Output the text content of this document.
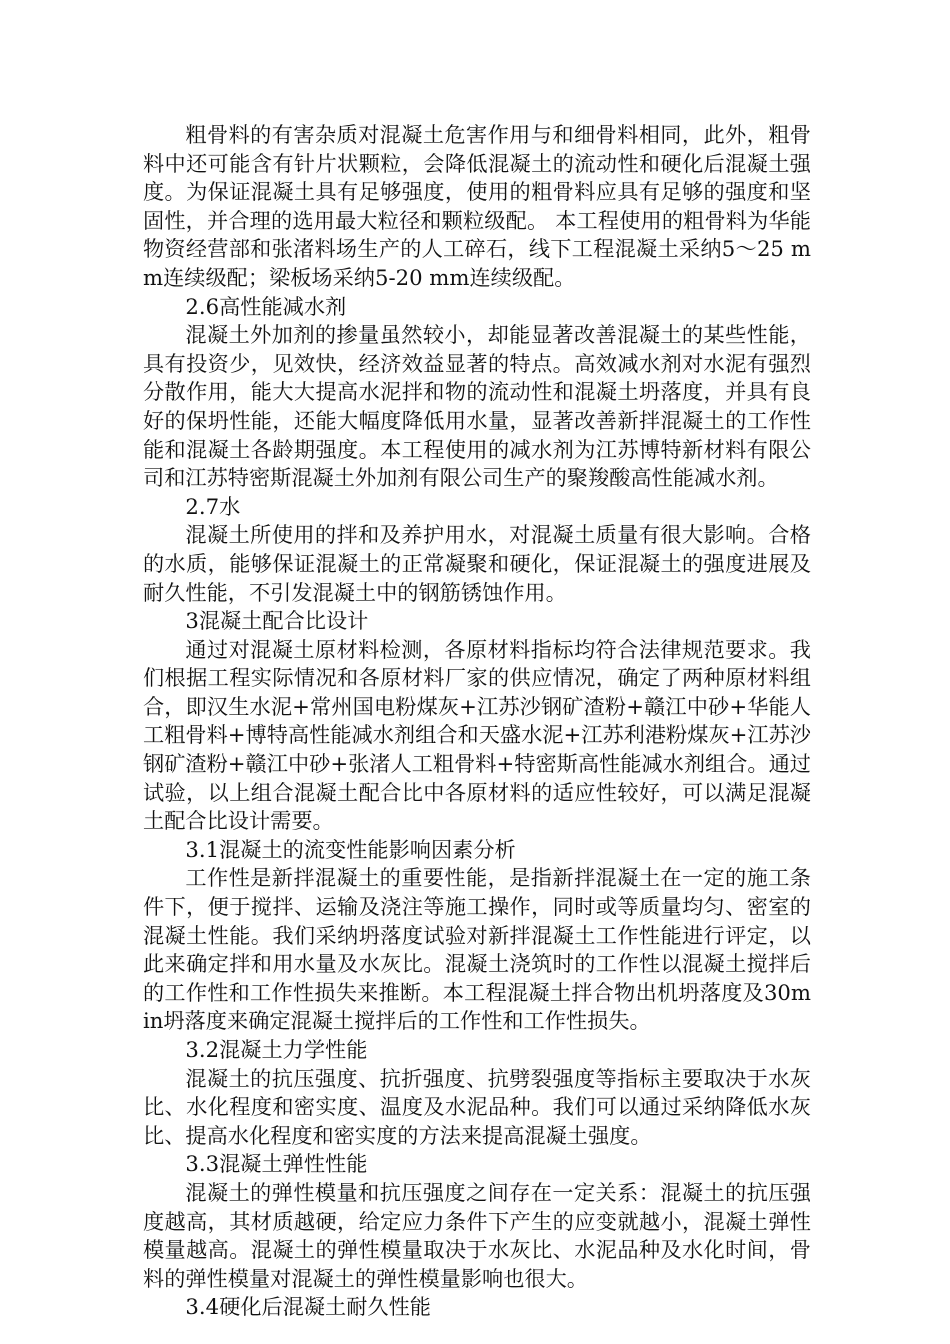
粗骨料的有害杂质对混凝土危害作用与和细骨料相同，此外，粗骨料中还可能含有针片状颗粒，会降低混凝土的流动性和硬化后混凝土强度。为保证混凝土具有足够强度，使用的粗骨料应具有足够的强度和坚固性，并合理的选用最大粒径和颗粒级配。 本工程使用的粗骨料为华能物资经营部和张渚料场生产的人工碎石，线下工程混凝土采纳5～25 mm连续级配；梁板场采纳5-20 mm连续级配。

2.6高性能减水剂

混凝土外加剂的掺量虽然较小，却能显著改善混凝土的某些性能，具有投资少，见效快，经济效益显著的特点。高效减水剂对水泥有强烈分散作用，能大大提高水泥拌和物的流动性和混凝土坍落度，并具有良好的保坍性能，还能大幅度降低用水量，显著改善新拌混凝土的工作性能和混凝土各龄期强度。本工程使用的减水剂为江苏博特新材料有限公司和江苏特密斯混凝土外加剂有限公司生产的聚羧酸高性能减水剂。

2.7水

混凝土所使用的拌和及养护用水，对混凝土质量有很大影响。合格的水质，能够保证混凝土的正常凝聚和硬化，保证混凝土的强度进展及耐久性能，不引发混凝土中的钢筋锈蚀作用。

3混凝土配合比设计

通过对混凝土原材料检测，各原材料指标均符合法律规范要求。我们根据工程实际情况和各原材料厂家的供应情况，确定了两种原材料组合，即汉生水泥+常州国电粉煤灰+江苏沙钢矿渣粉+赣江中砂+华能人工粗骨料+博特高性能减水剂组合和天盛水泥+江苏利港粉煤灰+江苏沙钢矿渣粉+赣江中砂+张渚人工粗骨料+特密斯高性能减水剂组合。通过试验，以上组合混凝土配合比中各原材料的适应性较好，可以满足混凝土配合比设计需要。

3.1混凝土的流变性能影响因素分析

工作性是新拌混凝土的重要性能，是指新拌混凝土在一定的施工条件下，便于搅拌、运输及浇注等施工操作，同时或等质量均匀、密室的混凝土性能。我们采纳坍落度试验对新拌混凝土工作性能进行评定，以此来确定拌和用水量及水灰比。混凝土浇筑时的工作性以混凝土搅拌后的工作性和工作性损失来推断。本工程混凝土拌合物出机坍落度及30min坍落度来确定混凝土搅拌后的工作性和工作性损失。

3.2混凝土力学性能

混凝土的抗压强度、抗折强度、抗劈裂强度等指标主要取决于水灰比、水化程度和密实度、温度及水泥品种。我们可以通过采纳降低水灰比、提高水化程度和密实度的方法来提高混凝土强度。

3.3混凝土弹性性能

混凝土的弹性模量和抗压强度之间存在一定关系：混凝土的抗压强度越高，其材质越硬，给定应力条件下产生的应变就越小，混凝土弹性模量越高。混凝土的弹性模量取决于水灰比、水泥品种及水化时间，骨料的弹性模量对混凝土的弹性模量影响也很大。

3.4硬化后混凝土耐久性能
